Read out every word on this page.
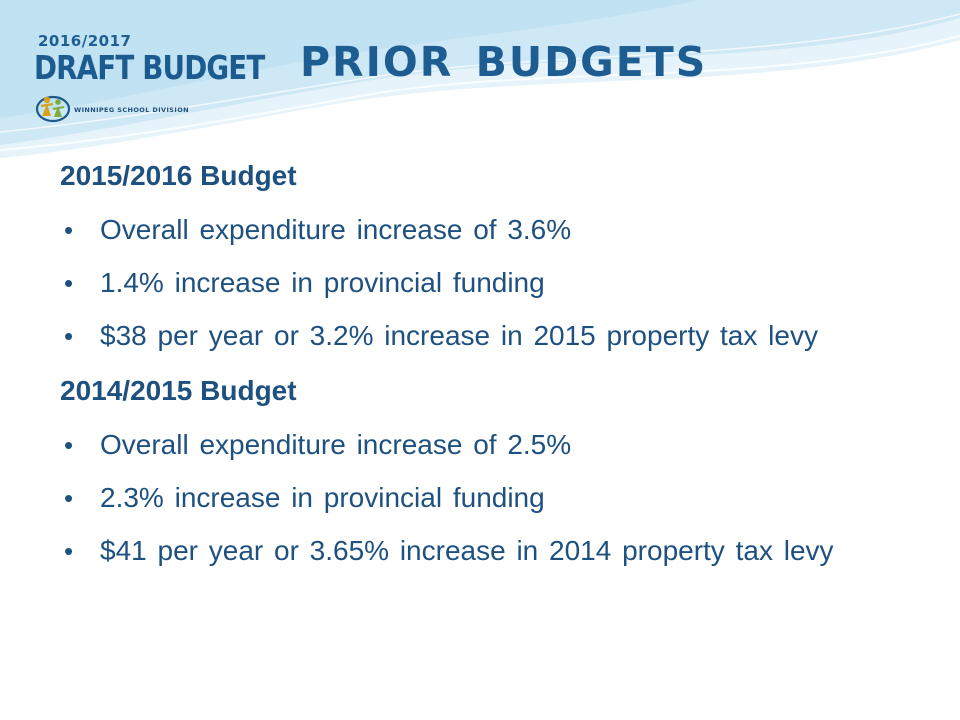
2016/2017
DRAFT BUDGET
WINNIPEG SCHOOL DIVISION
PRIOR BUDGETS

2015/2016 Budget

• Overall expenditure increase of 3.6%
• 1.4% increase in provincial funding
• $38 per year or 3.2% increase in 2015 property tax levy

2014/2015 Budget

• Overall expenditure increase of 2.5%
• 2.3% increase in provincial funding
• $41 per year or 3.65% increase in 2014 property tax levy
